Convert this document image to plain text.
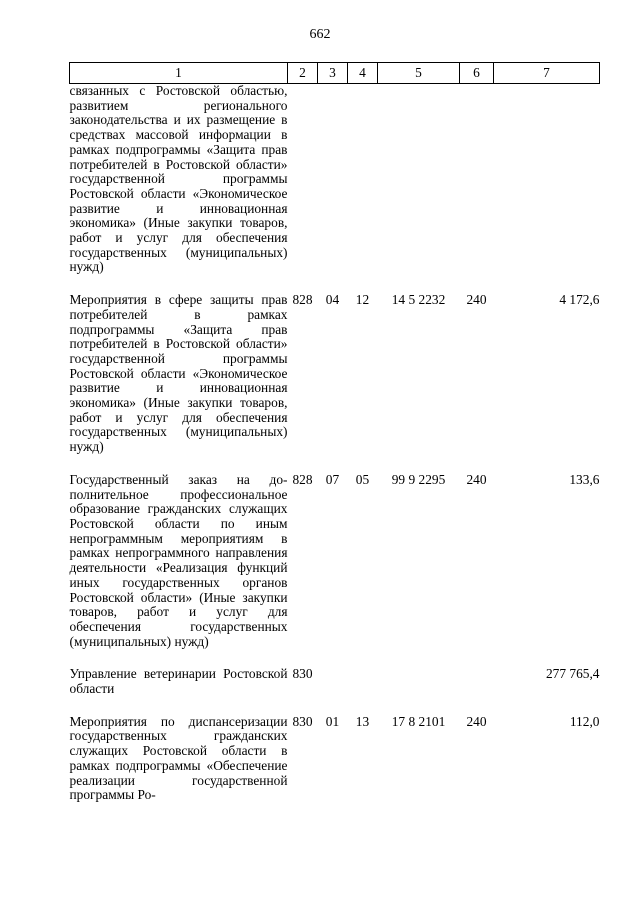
662
1	2	3	4	5	6	7
связанных с Ростовской областью, развитием регионального законодательства и их размещение в средствах массовой информации в рамках подпрограммы «Защита прав потребителей в Ростовской области» государственной программы Ростовской области «Экономическое развитие и инновационная экономика» (Иные закупки товаров, работ и услуг для обеспечения государственных (муниципальных) нужд)						

Мероприятия в сфере защиты прав потребителей в рамках подпрограммы «Защита прав потребителей в Ростовской области» государственной программы Ростовской области «Экономическое развитие и инновационная экономика» (Иные закупки товаров, работ и услуг для обеспечения государственных (муниципальных) нужд)	828	04	12	14 5 2232	240	4 172,6

Государственный заказ на дополнительное профессиональное образование гражданских служащих Ростовской области по иным непрограммным мероприятиям в рамках непрограммного направления деятельности «Реализация функций иных государственных органов Ростовской области» (Иные закупки товаров, работ и услуг для обеспечения государственных (муниципальных) нужд)	828	07	05	99 9 2295	240	133,6

Управление ветеринарии Ростовской области	830					277 765,4

Мероприятия по диспансеризации государственных гражданских служащих Ростовской области в рамках подпрограммы «Обеспечение реализации государственной программы Ро-	830	01	13	17 8 2101	240	112,0
